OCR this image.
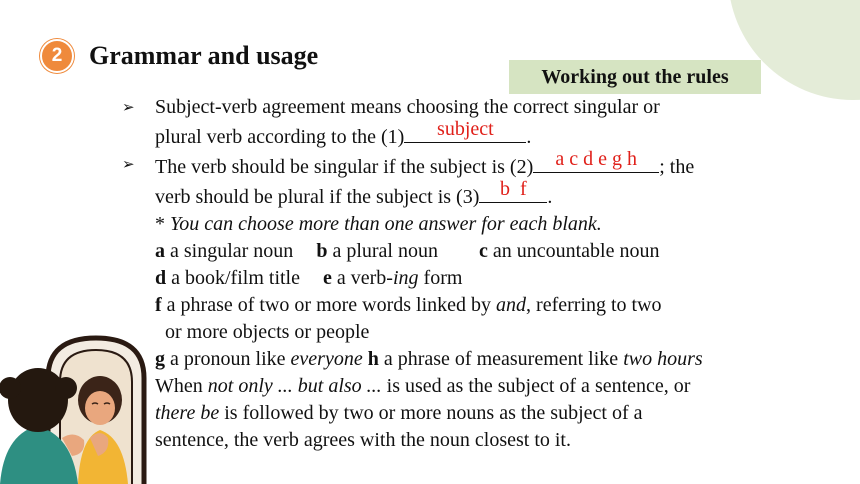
2	Grammar and usage
Working out the rules
➢	Subject-verb agreement means choosing the correct singular or
plural verb according to the (1)	subject	.
➢	The verb should be singular if the subject is (2)	a c d e g h	; the
verb should be plural if the subject is (3)	b  f	.
* You can choose more than one answer for each blank.
a a singular noun b a plural noun c an uncountable noun
d a book/film title e a verb-ing form
f a phrase of two or more words linked by and, referring to two
or more objects or people
g a pronoun like everyone h a phrase of measurement like two hours
When not only ... but also ... is used as the subject of a sentence, or
there be is followed by two or more nouns as the subject of a
sentence, the verb agrees with the noun closest to it.
